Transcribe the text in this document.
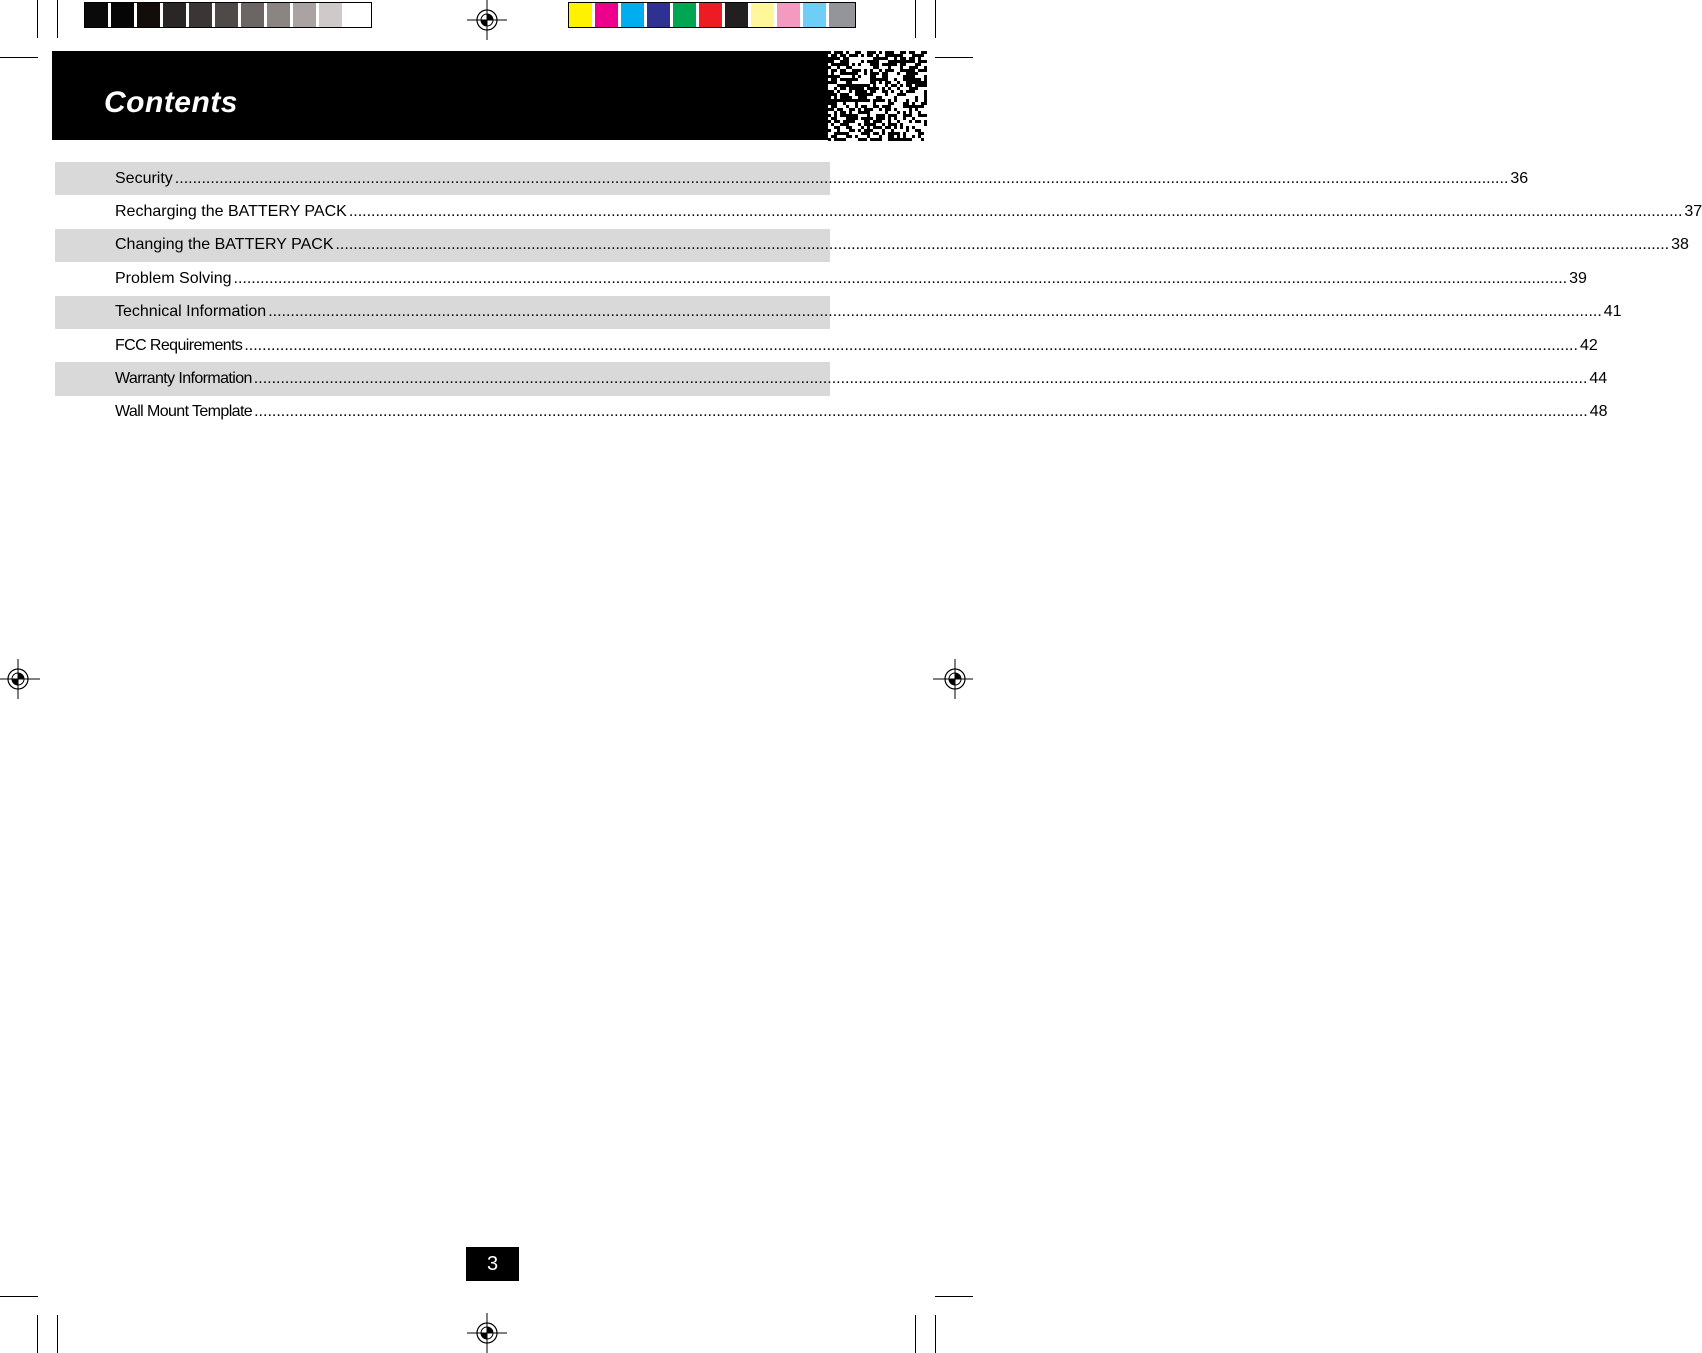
Contents
Security ............................................................................................................................................................................................................................................................................................................ 36
Recharging the BATTERY PACK ............................................................................................................................................................................................................................................................................................................ 37
Changing the BATTERY PACK ............................................................................................................................................................................................................................................................................................................ 38
Problem Solving ............................................................................................................................................................................................................................................................................................................ 39
Technical Information ............................................................................................................................................................................................................................................................................................................ 41
FCC Requirements ............................................................................................................................................................................................................................................................................................................ 42
Warranty Information ............................................................................................................................................................................................................................................................................................................ 44
Wall Mount Template ............................................................................................................................................................................................................................................................................................................ 48
3
